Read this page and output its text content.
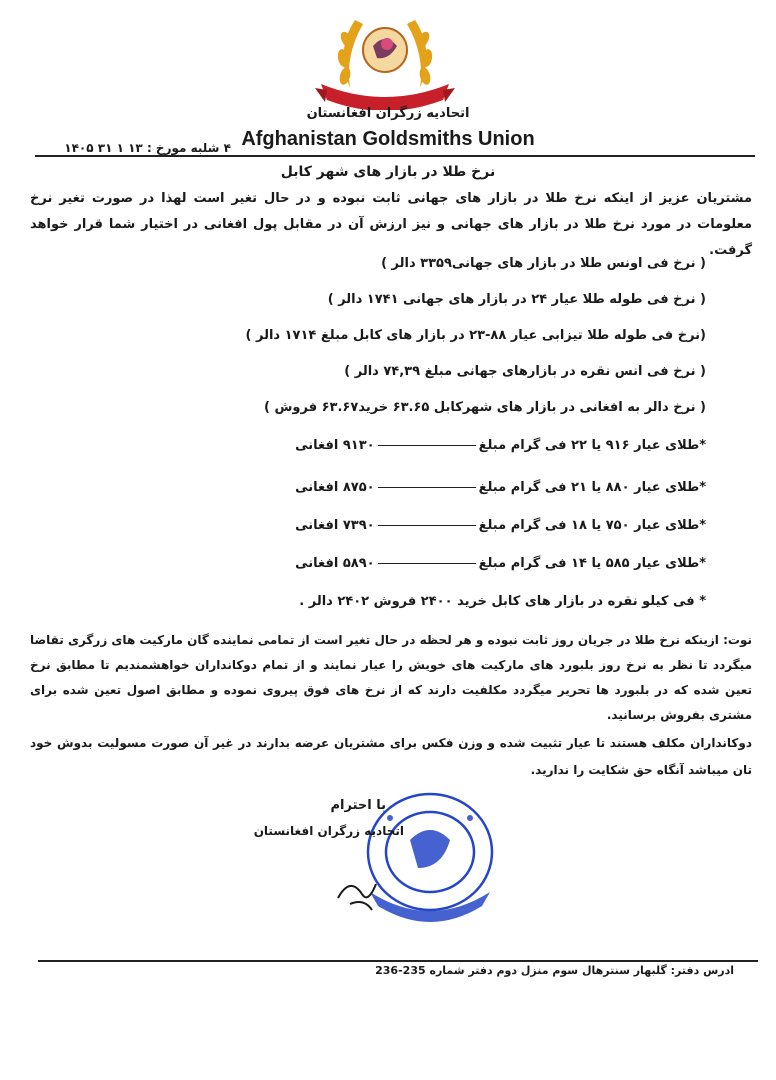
اتحادیه زرگران افغانستان
Afghanistan Goldsmiths Union
۴ شلبه مورخ : ۱۳ ۱ ۳۱ ۱۴۰۵
نرخ طلا در بازار های شهر کابل
مشتریان عزیز از اینکه نرخ طلا در بازار های جهانی ثابت نبوده و در حال تغیر است لهذا در صورت تغیر نرخ معلومات در مورد نرخ طلا در بازار های جهانی و نیز ارزش آن در مقابل پول افغانی در اختیار شما قرار خواهد گرفت.
( نرخ فی اونس طلا در بازار های جهانی۳۳۵۹ دالر )
( نرخ فی طوله طلا عیار ۲۴ در بازار های جهانی ۱۷۴۱ دالر )
(نرخ فی طوله طلا تیزابی عیار ۸۸-۲۳ در بازار های کابل مبلغ ۱۷۱۴ دالر )
( نرخ فی انس نقره در بازارهای جهانی مبلغ ۷۴,۳۹ دالر )
( نرخ دالر به افغانی در بازار های شهرکابل ۶۳.۶۵ خرید۶۳.۶۷ فروش )
*طلای عیار ۹۱۶ یا ۲۲ فی گرام مبلغ۹۱۳۰ افغانی
*طلای عیار ۸۸۰ یا ۲۱ فی گرام مبلغ۸۷۵۰ افغانی
*طلای عیار ۷۵۰ یا ۱۸ فی گرام مبلغ۷۳۹۰ افغانی
*طلای عیار ۵۸۵ یا ۱۴ فی گرام مبلغ۵۸۹۰ افغانی
* فی کیلو نقره در بازار های کابل خرید ۲۴۰۰ فروش ۲۴۰۲ دالر .
نوت: ازینکه نرخ طلا در جریان روز ثابت نبوده و هر لحظه در حال تغیر است از تمامی نماینده گان مارکیت های زرگری تقاضا میگردد تا نظر به نرخ روز بلبورد های مارکیت های خویش را عیار نمایند و از تمام دوکانداران خواهشمندیم تا مطابق نرخ تعین شده که در بلبورد ها تحریر میگردد مکلفیت دارند که از نرخ های فوق پیروی نموده و مطابق اصول تعین شده برای مشتری بفروش برسانید.
دوکانداران مکلف هستند تا عیار تثبیت شده و وزن فکس برای مشتریان عرضه بدارند در غیر آن صورت مسولیت بدوش خود تان میباشد آنگاه حق شکایت را ندارید.
با احترام
اتحادیه زرگران افغانستان
ادرس دفتر: گلبهار سنترهال سوم منزل دوم دفتر شماره 235-236
